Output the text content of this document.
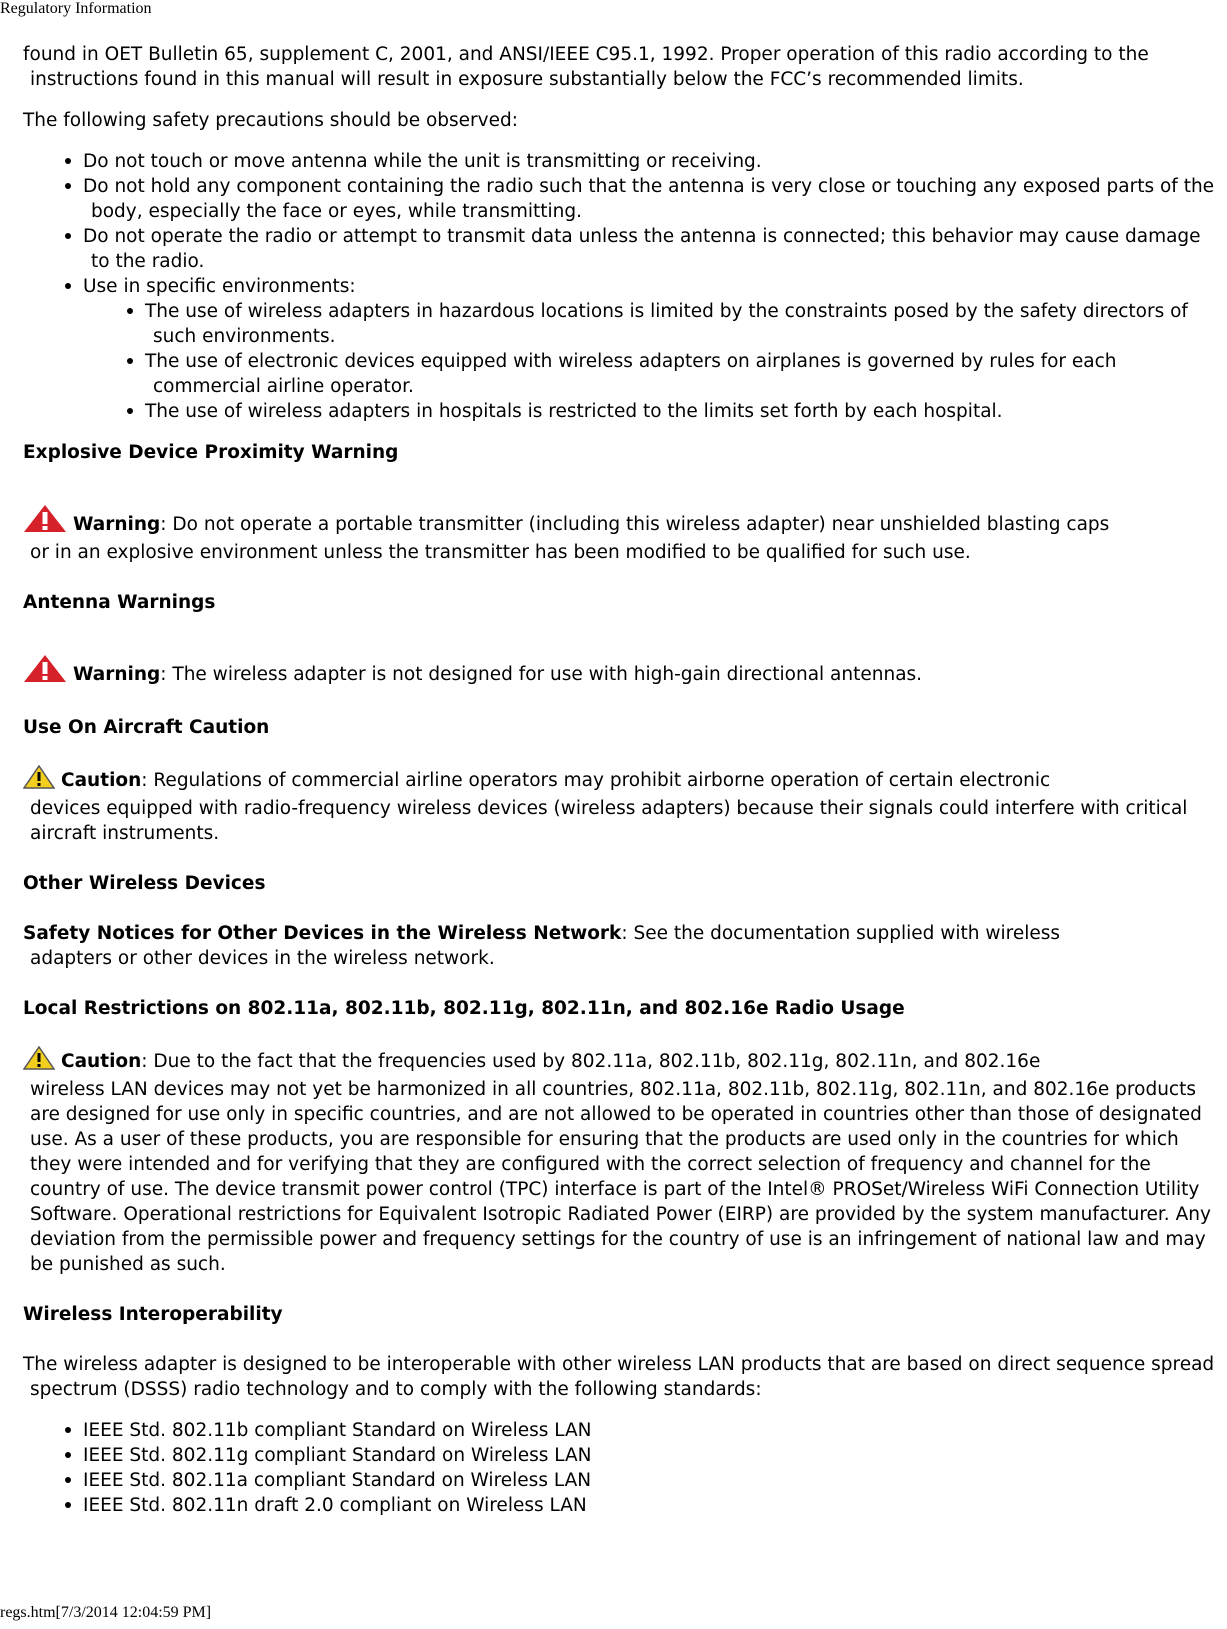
Regulatory Information

found in OET Bulletin 65, supplement C, 2001, and ANSI/IEEE C95.1, 1992. Proper operation of this radio according to the instructions found in this manual will result in exposure substantially below the FCC’s recommended limits.

The following safety precautions should be observed:

Do not touch or move antenna while the unit is transmitting or receiving.
Do not hold any component containing the radio such that the antenna is very close or touching any exposed parts of the body, especially the face or eyes, while transmitting.
Do not operate the radio or attempt to transmit data unless the antenna is connected; this behavior may cause damage to the radio.
Use in specific environments:
The use of wireless adapters in hazardous locations is limited by the constraints posed by the safety directors of such environments.
The use of electronic devices equipped with wireless adapters on airplanes is governed by rules for each commercial airline operator.
The use of wireless adapters in hospitals is restricted to the limits set forth by each hospital.

Explosive Device Proximity Warning

Warning: Do not operate a portable transmitter (including this wireless adapter) near unshielded blasting caps
or in an explosive environment unless the transmitter has been modified to be qualified for such use.

Antenna Warnings

Warning: The wireless adapter is not designed for use with high-gain directional antennas.

Use On Aircraft Caution

Caution: Regulations of commercial airline operators may prohibit airborne operation of certain electronic
devices equipped with radio-frequency wireless devices (wireless adapters) because their signals could interfere with critical aircraft instruments.

Other Wireless Devices

Safety Notices for Other Devices in the Wireless Network: See the documentation supplied with wireless
adapters or other devices in the wireless network.

Local Restrictions on 802.11a, 802.11b, 802.11g, 802.11n, and 802.16e Radio Usage

Caution: Due to the fact that the frequencies used by 802.11a, 802.11b, 802.11g, 802.11n, and 802.16e
wireless LAN devices may not yet be harmonized in all countries, 802.11a, 802.11b, 802.11g, 802.11n, and 802.16e products are designed for use only in specific countries, and are not allowed to be operated in countries other than those of designated use. As a user of these products, you are responsible for ensuring that the products are used only in the countries for which they were intended and for verifying that they are configured with the correct selection of frequency and channel for the country of use. The device transmit power control (TPC) interface is part of the Intel® PROSet/Wireless WiFi Connection Utility Software. Operational restrictions for Equivalent Isotropic Radiated Power (EIRP) are provided by the system manufacturer. Any deviation from the permissible power and frequency settings for the country of use is an infringement of national law and may be punished as such.

Wireless Interoperability

The wireless adapter is designed to be interoperable with other wireless LAN products that are based on direct sequence spread spectrum (DSSS) radio technology and to comply with the following standards:

IEEE Std. 802.11b compliant Standard on Wireless LAN
IEEE Std. 802.11g compliant Standard on Wireless LAN
IEEE Std. 802.11a compliant Standard on Wireless LAN
IEEE Std. 802.11n draft 2.0 compliant on Wireless LAN
regs.htm[7/3/2014 12:04:59 PM]
